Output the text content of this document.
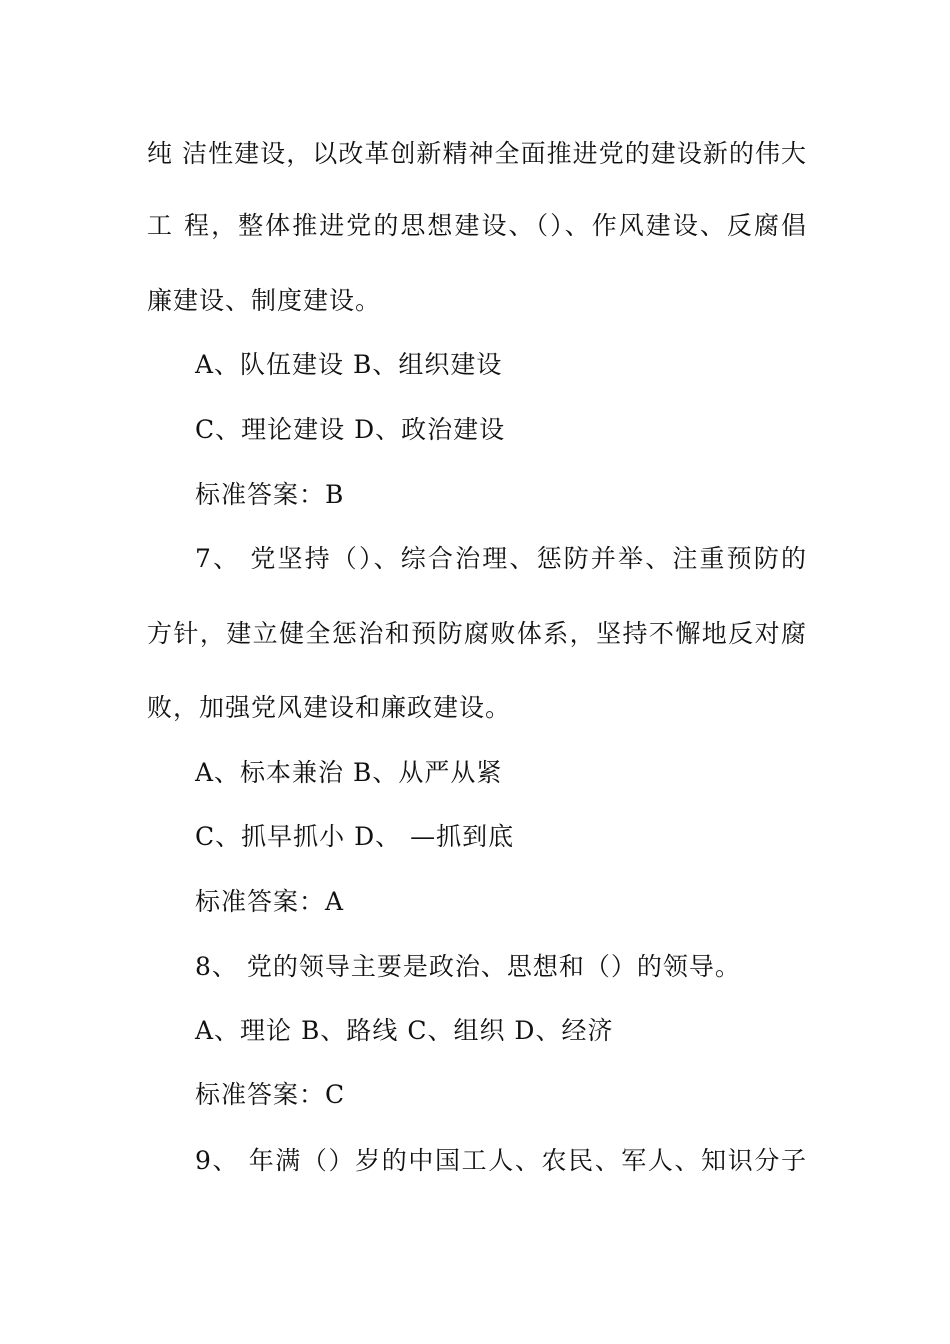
纯 洁性建设，以改革创新精神全面推进党的建设新的伟大
工 程，整体推进党的思想建设、（）、作风建设、反腐倡
廉建设、制度建设。
A、队伍建设 B、组织建设
C、理论建设 D、政治建设
标准答案：B
7、 党坚持（）、综合治理、惩防并举、注重预防的
方针，建立健全惩治和预防腐败体系，坚持不懈地反对腐
败，加强党风建设和廉政建设。
A、标本兼治 B、从严从紧
C、抓早抓小 D、 —抓到底
标准答案：A
8、 党的领导主要是政治、思想和（）的领导。
A、理论 B、路线 C、组织 D、经济
标准答案：C
9、 年满（）岁的中国工人、农民、军人、知识分子
